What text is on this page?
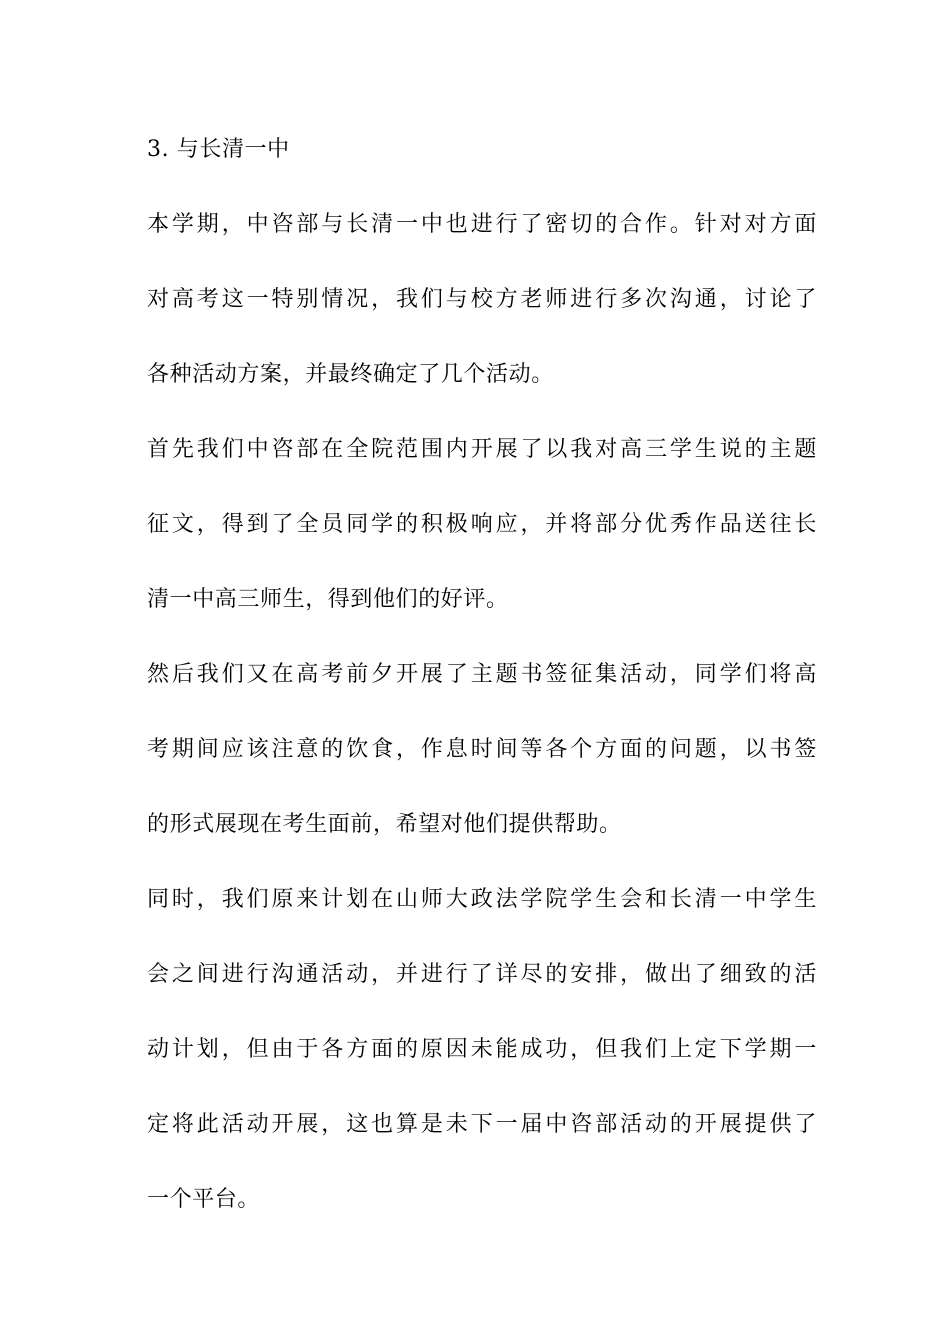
3. 与长清一中
本学期，中咨部与长清一中也进行了密切的合作。针对对方面
对高考这一特别情况，我们与校方老师进行多次沟通，讨论了
各种活动方案，并最终确定了几个活动。
首先我们中咨部在全院范围内开展了以我对高三学生说的主题
征文，得到了全员同学的积极响应，并将部分优秀作品送往长
清一中高三师生，得到他们的好评。
然后我们又在高考前夕开展了主题书签征集活动，同学们将高
考期间应该注意的饮食，作息时间等各个方面的问题，以书签
的形式展现在考生面前，希望对他们提供帮助。
同时，我们原来计划在山师大政法学院学生会和长清一中学生
会之间进行沟通活动，并进行了详尽的安排，做出了细致的活
动计划，但由于各方面的原因未能成功，但我们上定下学期一
定将此活动开展，这也算是未下一届中咨部活动的开展提供了
一个平台。
